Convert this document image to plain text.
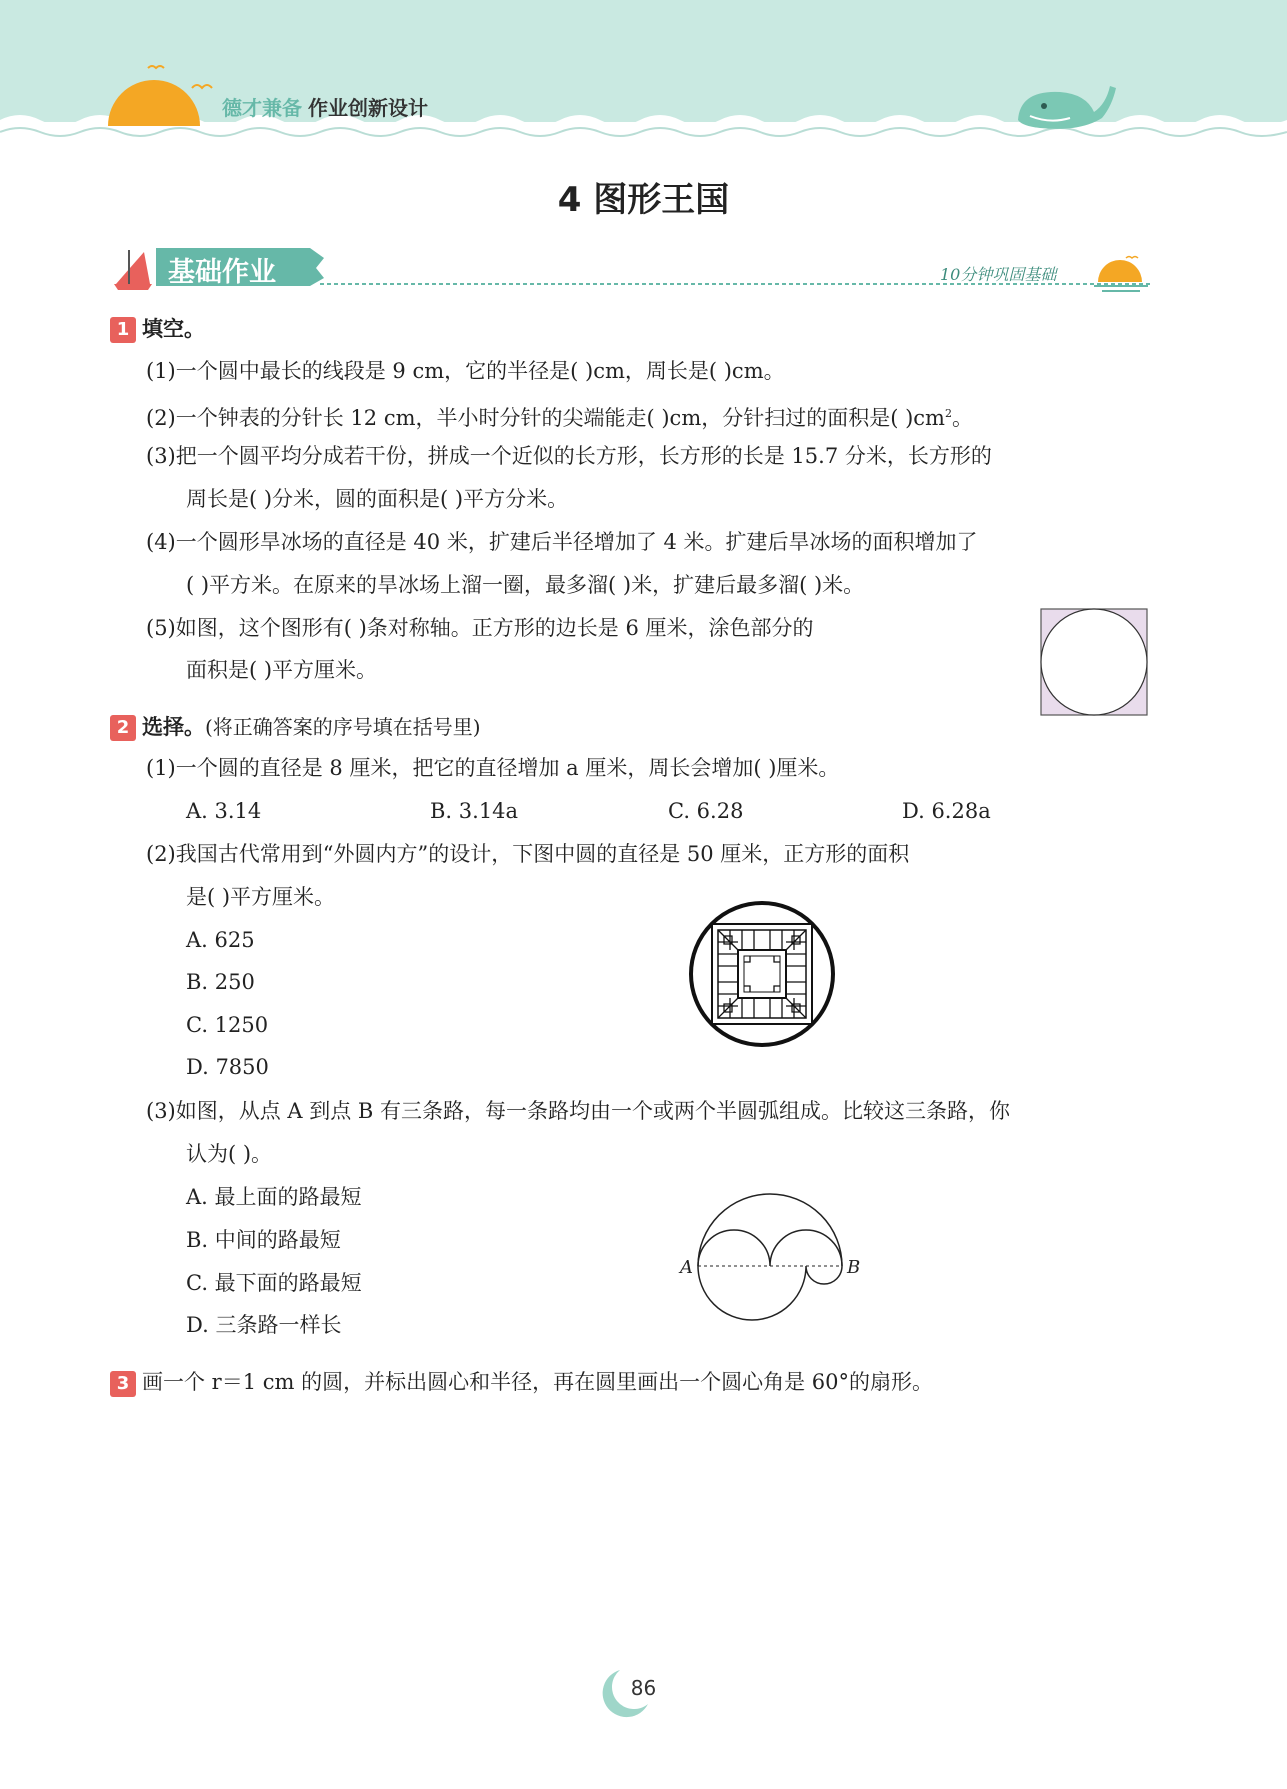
德才兼备 作业创新设计
4 图形王国
基础作业	10分钟巩固基础
1 填空。
(1)一个圆中最长的线段是 9 cm，它的半径是( )cm，周长是( )cm。
(2)一个钟表的分针长 12 cm，半小时分针的尖端能走( )cm，分针扫过的面积是( )$cm^2$。
(3)把一个圆平均分成若干份，拼成一个近似的长方形，长方形的长是 15.7 分米，长方形的
周长是( )分米，圆的面积是( )平方分米。
(4)一个圆形旱冰场的直径是 40 米，扩建后半径增加了 4 米。扩建后旱冰场的面积增加了
( )平方米。在原来的旱冰场上溜一圈，最多溜( )米，扩建后最多溜( )米。
(5)如图，这个图形有( )条对称轴。正方形的边长是 6 厘米，涂色部分的
面积是( )平方厘米。
2 选择。(将正确答案的序号填在括号里)
(1)一个圆的直径是 8 厘米，把它的直径增加 a 厘米，周长会增加( )厘米。
A. 3.14	B. 3.14a	C. 6.28	D. 6.28a
(2)我国古代常用到“外圆内方”的设计，下图中圆的直径是 50 厘米，正方形的面积
是( )平方厘米。
A. 625
B. 250
C. 1250
D. 7850
(3)如图，从点 A 到点 B 有三条路，每一条路均由一个或两个半圆弧组成。比较这三条路，你
认为( )。
A. 最上面的路最短
B. 中间的路最短
C. 最下面的路最短
D. 三条路一样长
A	B
3 画一个 r＝1 cm 的圆，并标出圆心和半径，再在圆里画出一个圆心角是 60°的扇形。
86
